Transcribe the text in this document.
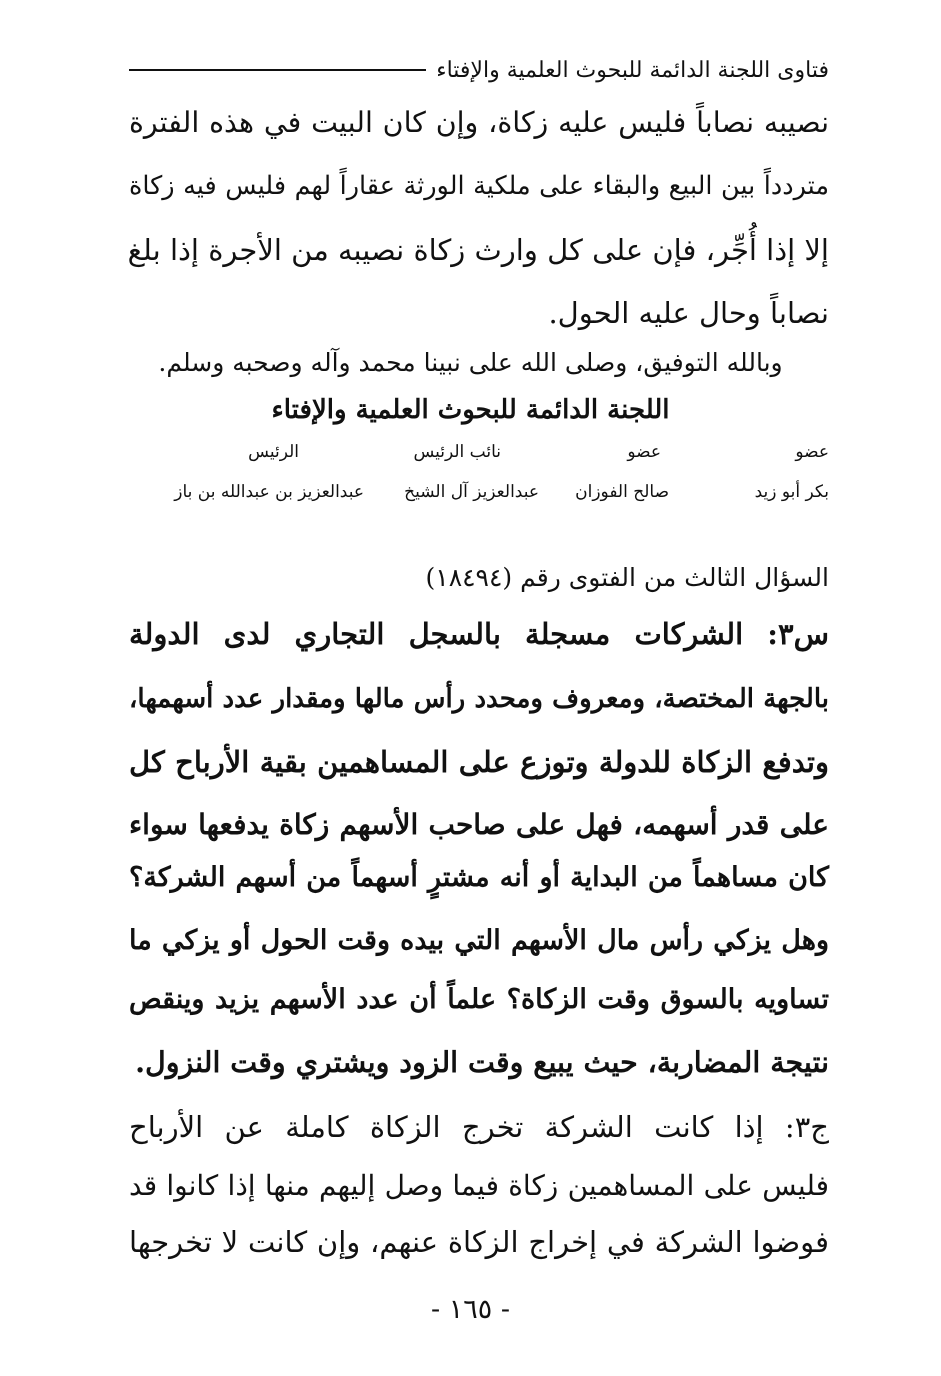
فتاوى اللجنة الدائمة للبحوث العلمية والإفتاء
نصيبه نصاباً فليس عليه زكاة، وإن كان البيت في هذه الفترة
متردداً بين البيع والبقاء على ملكية الورثة عقاراً لهم فليس فيه زكاة
إلا إذا أُجِّر، فإن على كل وارث زكاة نصيبه من الأجرة إذا بلغ
نصاباً وحال عليه الحول.
وبالله التوفيق، وصلى الله على نبينا محمد وآله وصحبه وسلم.
اللجنة الدائمة للبحوث العلمية والإفتاء
عضو
عضو
نائب الرئيس
الرئيس
بكر أبو زيد
صالح الفوزان
عبدالعزيز آل الشيخ
عبدالعزيز بن عبدالله بن باز
السؤال الثالث من الفتوى رقم (١٨٤٩٤)
س٣: الشركات مسجلة بالسجل التجاري لدى الدولة
بالجهة المختصة، ومعروف ومحدد رأس مالها ومقدار عدد أسهمها،
وتدفع الزكاة للدولة وتوزع على المساهمين بقية الأرباح كل
على قدر أسهمه، فهل على صاحب الأسهم زكاة يدفعها سواء
كان مساهماً من البداية أو أنه مشترٍ أسهماً من أسهم الشركة؟
وهل يزكي رأس مال الأسهم التي بيده وقت الحول أو يزكي ما
تساويه بالسوق وقت الزكاة؟ علماً أن عدد الأسهم يزيد وينقص
نتيجة المضاربة، حيث يبيع وقت الزود ويشتري وقت النزول.
ج٣: إذا كانت الشركة تخرج الزكاة كاملة عن الأرباح
فليس على المساهمين زكاة فيما وصل إليهم منها إذا كانوا قد
فوضوا الشركة في إخراج الزكاة عنهم، وإن كانت لا تخرجها
- ١٦٥ -
